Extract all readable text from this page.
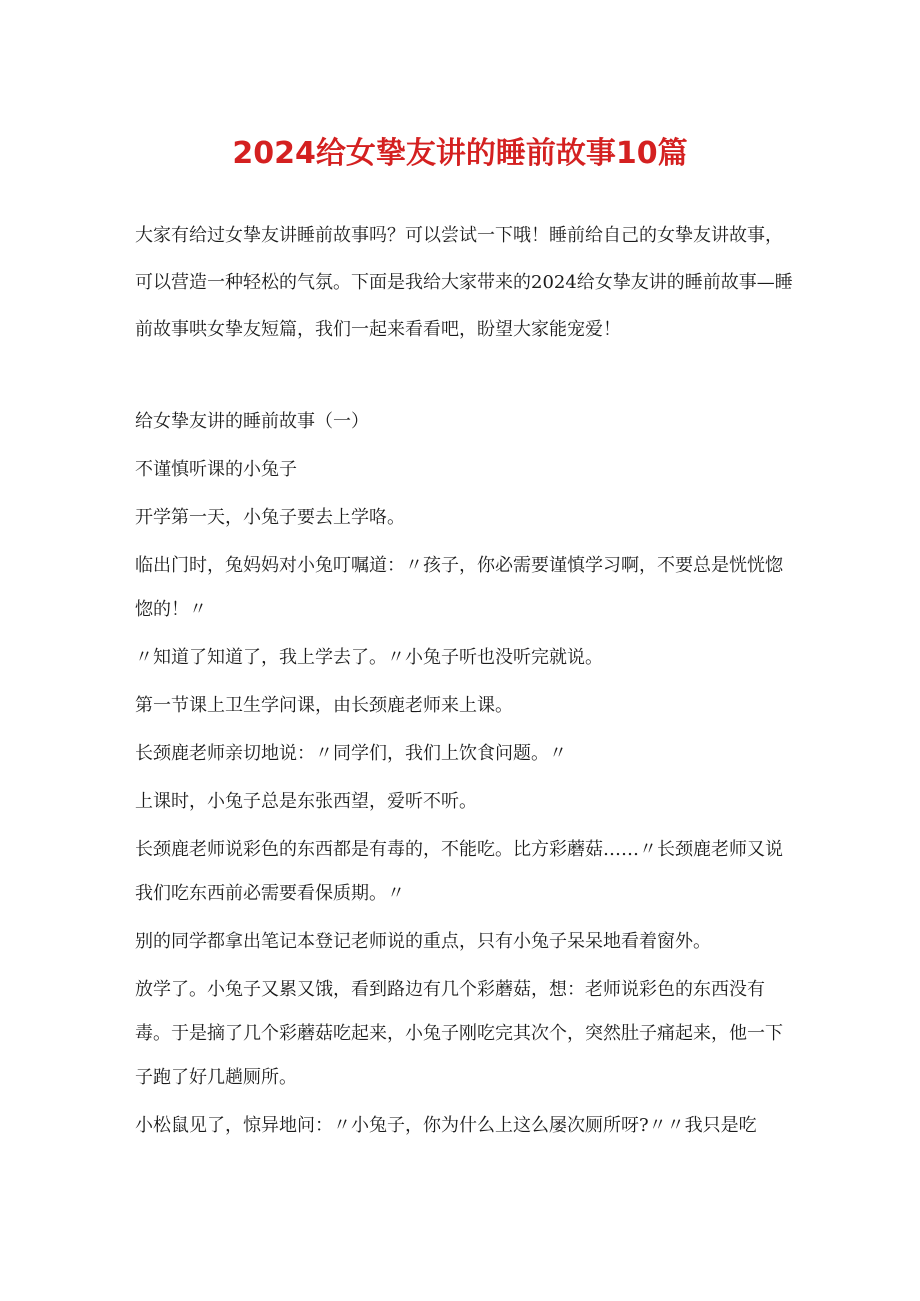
2024给女挚友讲的睡前故事10篇

大家有给过女挚友讲睡前故事吗？可以尝试一下哦！睡前给自己的女挚友讲故事，可以营造一种轻松的气氛。下面是我给大家带来的2024给女挚友讲的睡前故事—睡前故事哄女挚友短篇，我们一起来看看吧，盼望大家能宠爱！

给女挚友讲的睡前故事（一）

不谨慎听课的小兔子

开学第一天，小兔子要去上学咯。

临出门时，兔妈妈对小兔叮嘱道：〃孩子，你必需要谨慎学习啊，不要总是恍恍惚惚的！〃

〃知道了知道了，我上学去了。〃小兔子听也没听完就说。

第一节课上卫生学问课，由长颈鹿老师来上课。

长颈鹿老师亲切地说：〃同学们，我们上饮食问题。〃

上课时，小兔子总是东张西望，爱听不听。

长颈鹿老师说彩色的东西都是有毒的，不能吃。比方彩蘑菇……〃长颈鹿老师又说我们吃东西前必需要看保质期。〃

别的同学都拿出笔记本登记老师说的重点，只有小兔子呆呆地看着窗外。

放学了。小兔子又累又饿，看到路边有几个彩蘑菇，想：老师说彩色的东西没有毒。于是摘了几个彩蘑菇吃起来，小兔子刚吃完其次个，突然肚子痛起来，他一下子跑了好几趟厕所。

小松鼠见了，惊异地问：〃小兔子，你为什么上这么屡次厕所呀?〃〃我只是吃
